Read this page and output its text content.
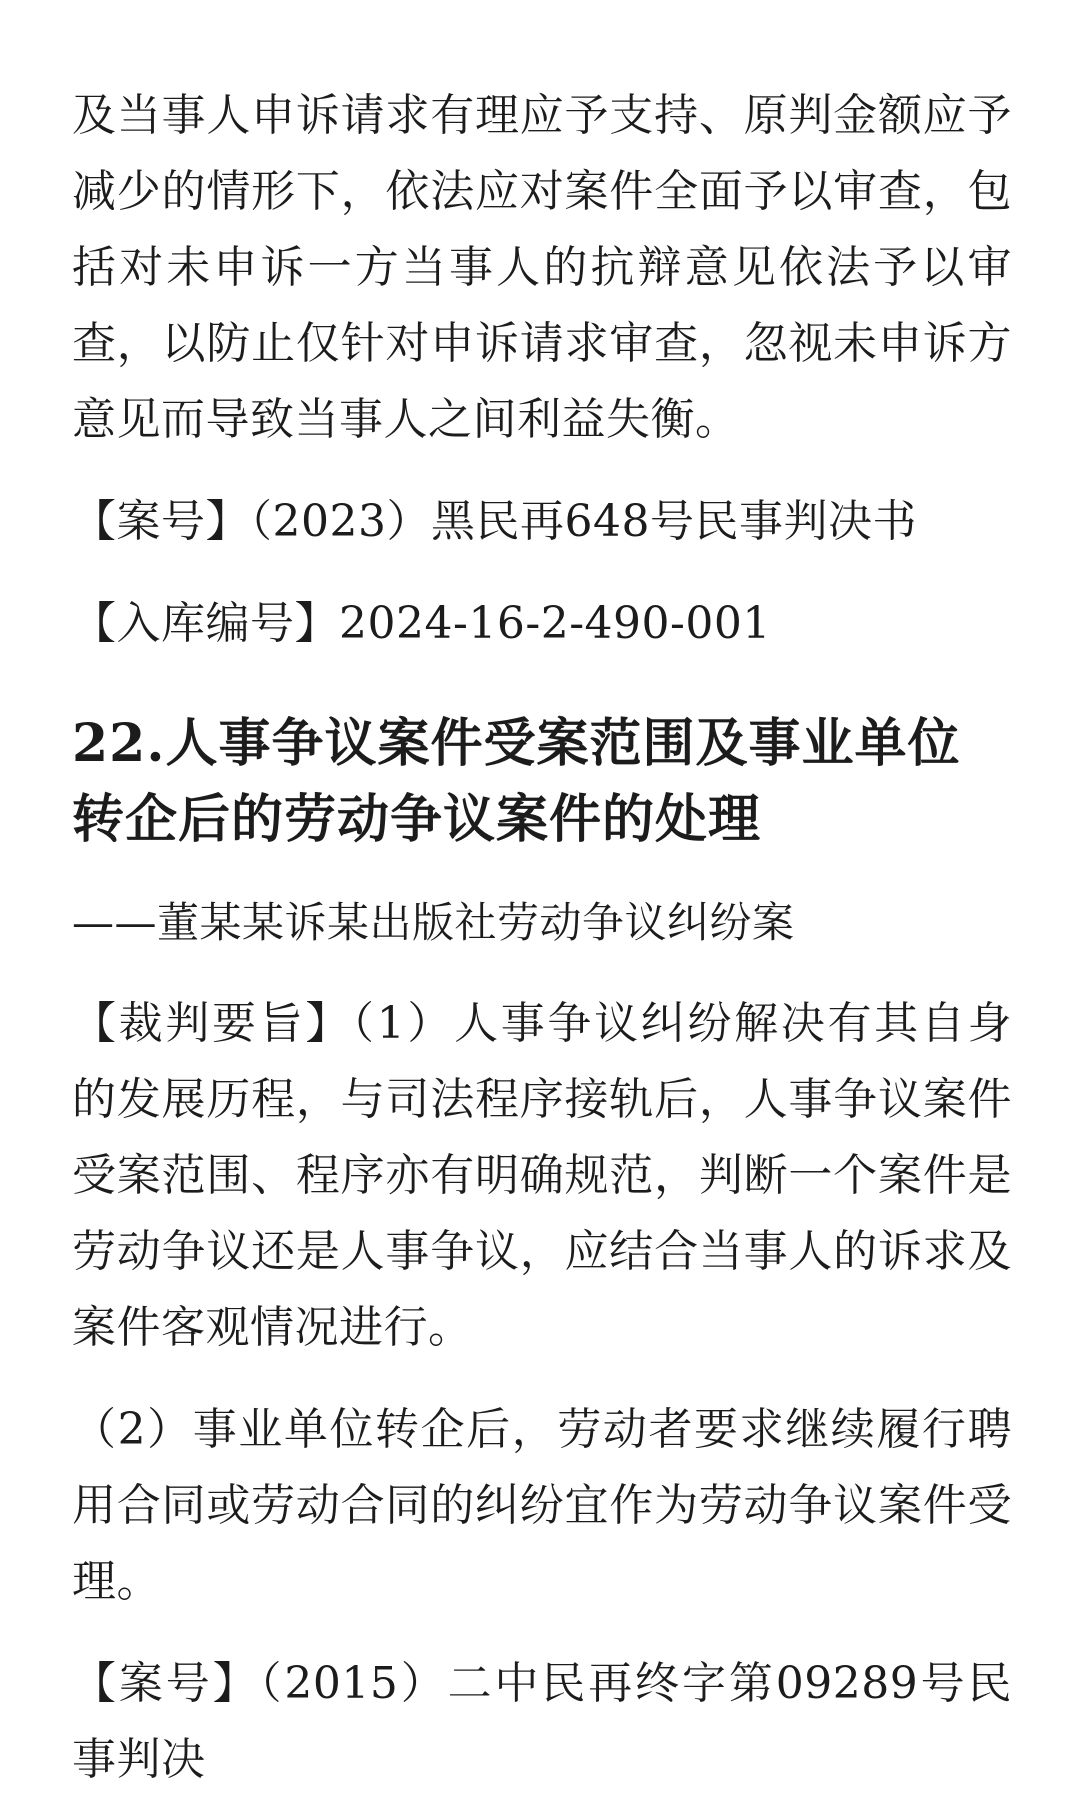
及当事人申诉请求有理应予支持、原判金额应予减少的情形下，依法应对案件全面予以审查，包括对未申诉一方当事人的抗辩意见依法予以审查，以防止仅针对申诉请求审查，忽视未申诉方意见而导致当事人之间利益失衡。

【案号】（2023）黑民再648号民事判决书

【入库编号】2024-16-2-490-001

22.人事争议案件受案范围及事业单位转企后的劳动争议案件的处理

——董某某诉某出版社劳动争议纠纷案

【裁判要旨】（1）人事争议纠纷解决有其自身的发展历程，与司法程序接轨后，人事争议案件受案范围、程序亦有明确规范，判断一个案件是劳动争议还是人事争议，应结合当事人的诉求及案件客观情况进行。

（2）事业单位转企后，劳动者要求继续履行聘用合同或劳动合同的纠纷宜作为劳动争议案件受理。

【案号】（2015）二中民再终字第09289号民事判决
